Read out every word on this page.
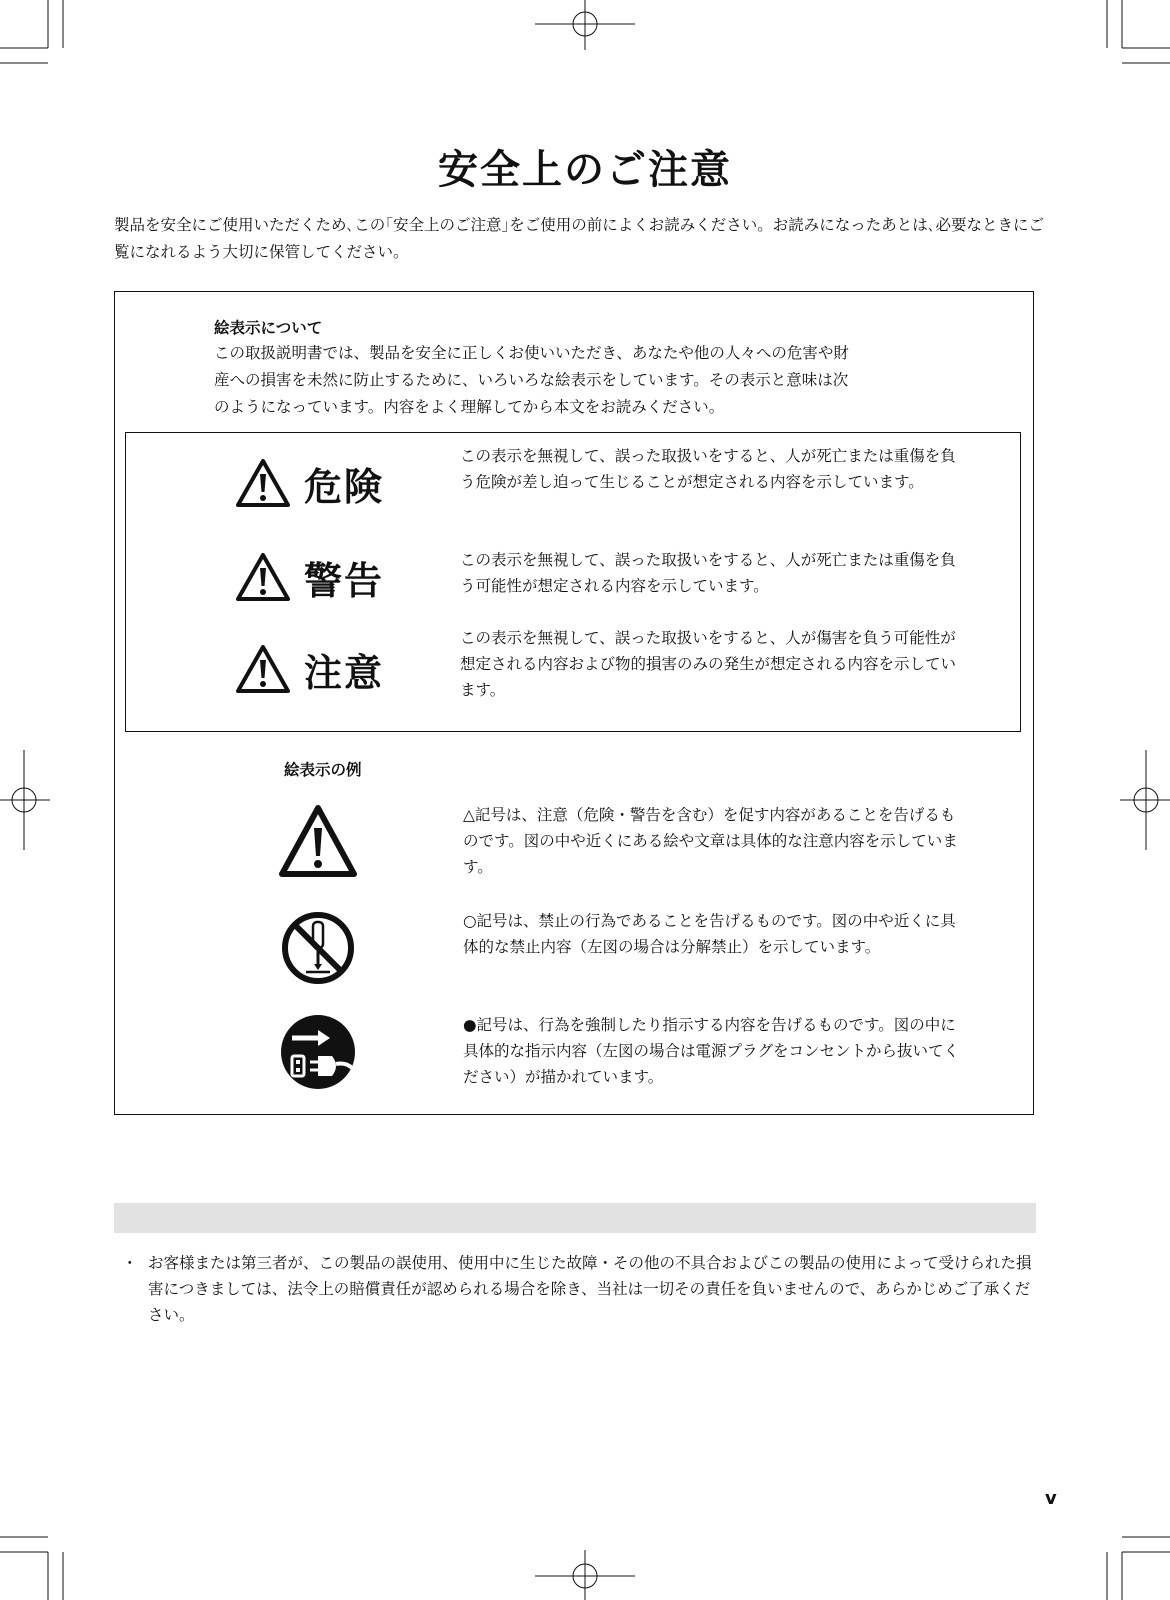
安全上のご注意
製品を安全にご使用いただくため､この｢安全上のご注意｣をご使用の前によくお読みください。お読みになったあとは､必要なときにご覧になれるよう大切に保管してください。
絵表示について
この取扱説明書では、製品を安全に正しくお使いいただき、あなたや他の人々への危害や財産への損害を未然に防止するために、いろいろな絵表示をしています。その表示と意味は次のようになっています。内容をよく理解してから本文をお読みください。
危険
この表示を無視して、誤った取扱いをすると、人が死亡または重傷を負う危険が差し迫って生じることが想定される内容を示しています。
警告	この表示を無視して、誤った取扱いをすると、人が死亡または重傷を負う可能性が想定される内容を示しています。
注意
この表示を無視して、誤った取扱いをすると、人が傷害を負う可能性が想定される内容および物的損害のみの発生が想定される内容を示しています。
絵表示の例
△記号は、注意（危険・警告を含む）を促す内容があることを告げるものです。図の中や近くにある絵や文章は具体的な注意内容を示しています。
○記号は、禁止の行為であることを告げるものです。図の中や近くに具体的な禁止内容（左図の場合は分解禁止）を示しています。
●記号は、行為を強制したり指示する内容を告げるものです。図の中に具体的な指示内容（左図の場合は電源プラグをコンセントから抜いてください）が描かれています。
・ お客様または第三者が、この製品の誤使用、使用中に生じた故障・その他の不具合およびこの製品の使用によって受けられた損害につきましては、法令上の賠償責任が認められる場合を除き、当社は一切その責任を負いませんので、あらかじめご了承ください。
v
